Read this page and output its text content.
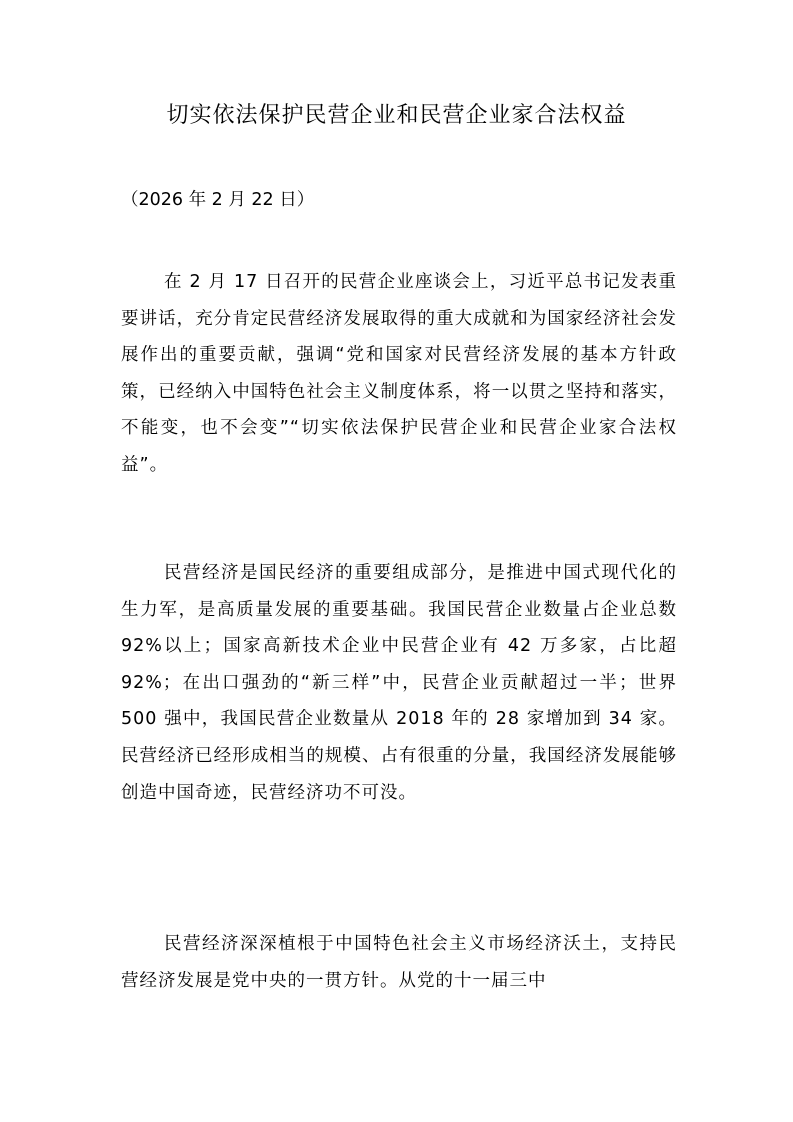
切实依法保护民营企业和民营企业家合法权益

（2026 年 2 月 22 日）

在 2 月 17 日召开的民营企业座谈会上，习近平总书记发表重要讲话，充分肯定民营经济发展取得的重大成就和为国家经济社会发展作出的重要贡献，强调“党和国家对民营经济发展的基本方针政策，已经纳入中国特色社会主义制度体系，将一以贯之坚持和落实，不能变，也不会变”“切实依法保护民营企业和民营企业家合法权益”。

民营经济是国民经济的重要组成部分，是推进中国式现代化的生力军，是高质量发展的重要基础。我国民营企业数量占企业总数 92%以上；国家高新技术企业中民营企业有 42 万多家，占比超 92%；在出口强劲的“新三样”中，民营企业贡献超过一半；世界 500 强中，我国民营企业数量从 2018 年的 28 家增加到 34 家。民营经济已经形成相当的规模、占有很重的分量，我国经济发展能够创造中国奇迹，民营经济功不可没。

民营经济深深植根于中国特色社会主义市场经济沃土，支持民营经济发展是党中央的一贯方针。从党的十一届三中
